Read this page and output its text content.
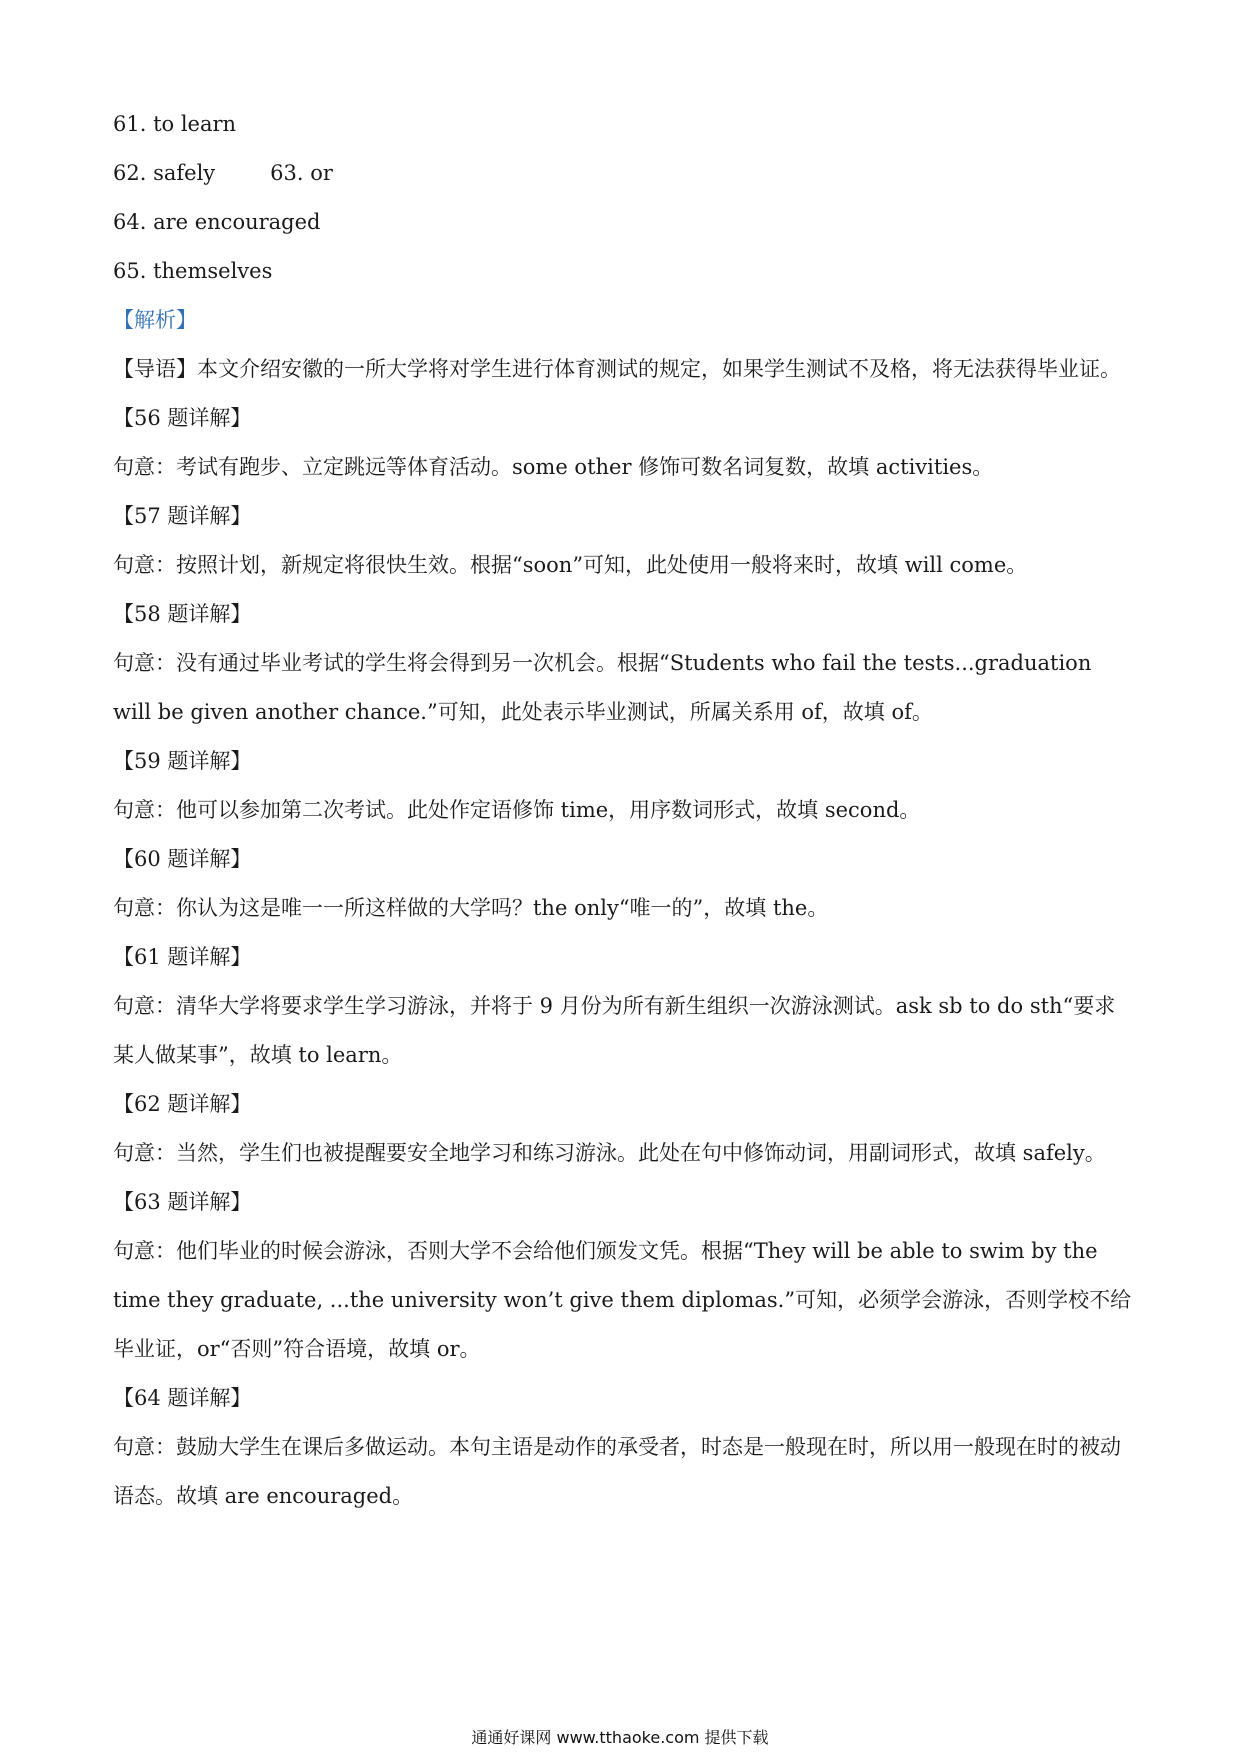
61. to learn
62. safely	63. or
64. are encouraged
65. themselves
【解析】
【导语】本文介绍安徽的一所大学将对学生进行体育测试的规定，如果学生测试不及格，将无法获得毕业证。
【56 题详解】
句意：考试有跑步、立定跳远等体育活动。some other 修饰可数名词复数，故填 activities。
【57 题详解】
句意：按照计划，新规定将很快生效。根据“soon”可知，此处使用一般将来时，故填 will come。
【58 题详解】
句意：没有通过毕业考试的学生将会得到另一次机会。根据“Students who fail the tests...graduation will be given another chance.”可知，此处表示毕业测试，所属关系用 of，故填 of。
【59 题详解】
句意：他可以参加第二次考试。此处作定语修饰 time，用序数词形式，故填 second。
【60 题详解】
句意：你认为这是唯一一所这样做的大学吗？the only“唯一的”，故填 the。
【61 题详解】
句意：清华大学将要求学生学习游泳，并将于 9 月份为所有新生组织一次游泳测试。ask sb to do sth“要求某人做某事”，故填 to learn。
【62 题详解】
句意：当然，学生们也被提醒要安全地学习和练习游泳。此处在句中修饰动词，用副词形式，故填 safely。
【63 题详解】
句意：他们毕业的时候会游泳，否则大学不会给他们颁发文凭。根据“They will be able to swim by the time they graduate, ...the university won’t give them diplomas.”可知，必须学会游泳，否则学校不给毕业证，or“否则”符合语境，故填 or。
【64 题详解】
句意：鼓励大学生在课后多做运动。本句主语是动作的承受者，时态是一般现在时，所以用一般现在时的被动语态。故填 are encouraged。
通通好课网 www.tthaoke.com 提供下载
